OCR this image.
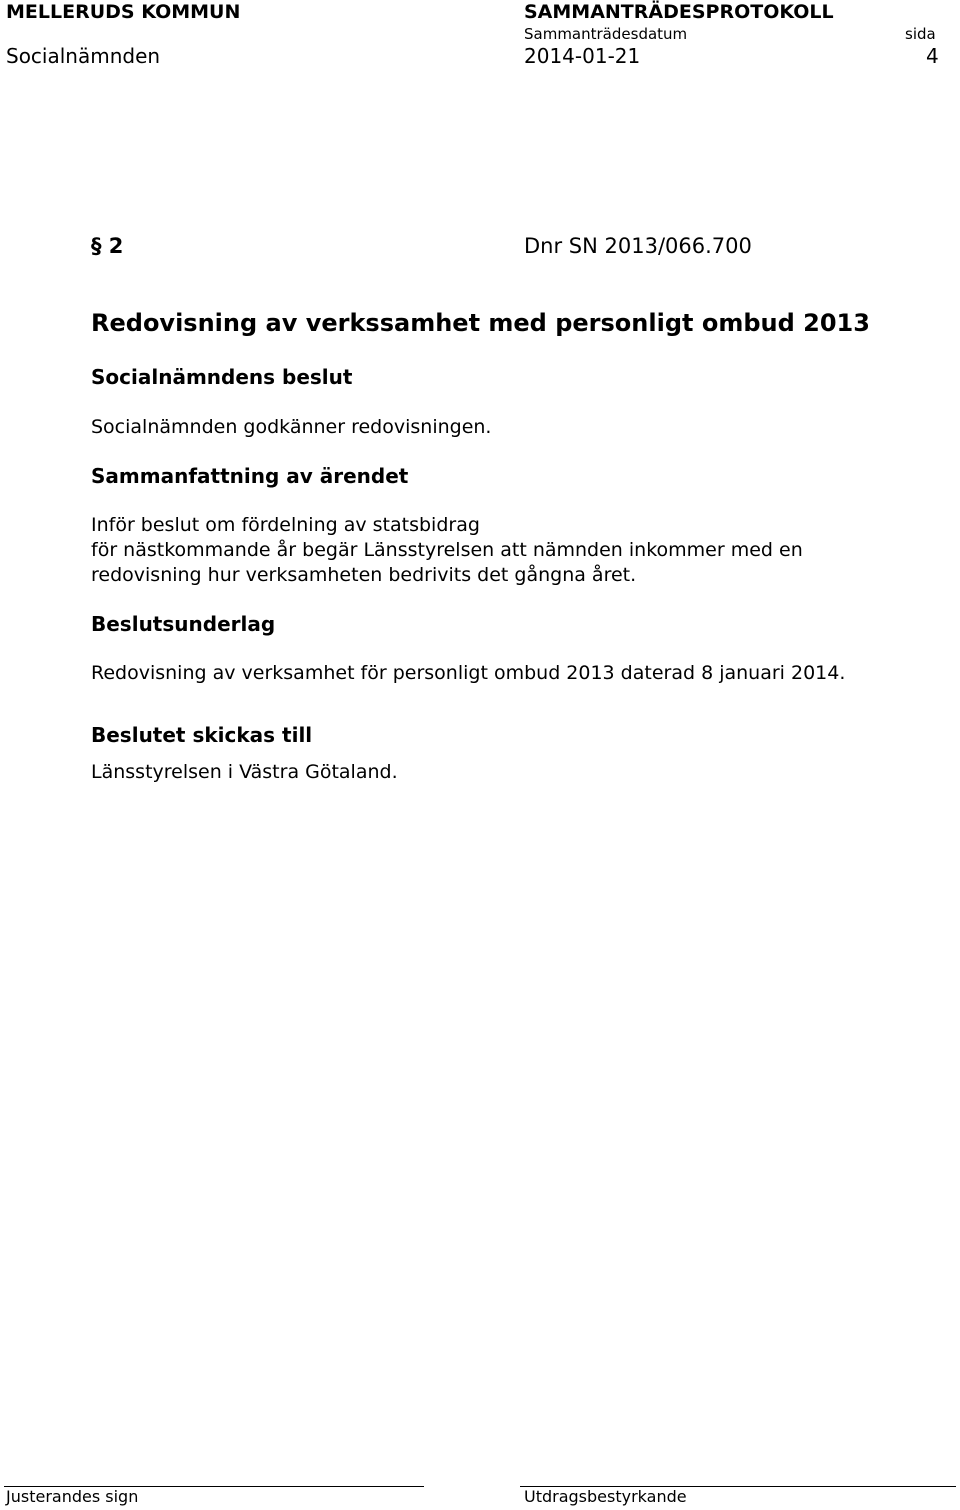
MELLERUDS KOMMUN
Socialnämnden
SAMMANTRÄDESPROTOKOLL
Sammanträdesdatum
2014-01-21
sida
4
§ 2	Dnr SN 2013/066.700
Redovisning av verkssamhet med personligt ombud 2013
Socialnämndens beslut
Socialnämnden godkänner redovisningen.
Sammanfattning av ärendet
Inför beslut om fördelning av statsbidrag
för nästkommande år begär Länsstyrelsen att nämnden inkommer med en
redovisning hur verksamheten bedrivits det gångna året.
Beslutsunderlag
Redovisning av verksamhet för personligt ombud 2013 daterad 8 januari 2014.
Beslutet skickas till
Länsstyrelsen i Västra Götaland.
Justerandes sign	Utdragsbestyrkande
